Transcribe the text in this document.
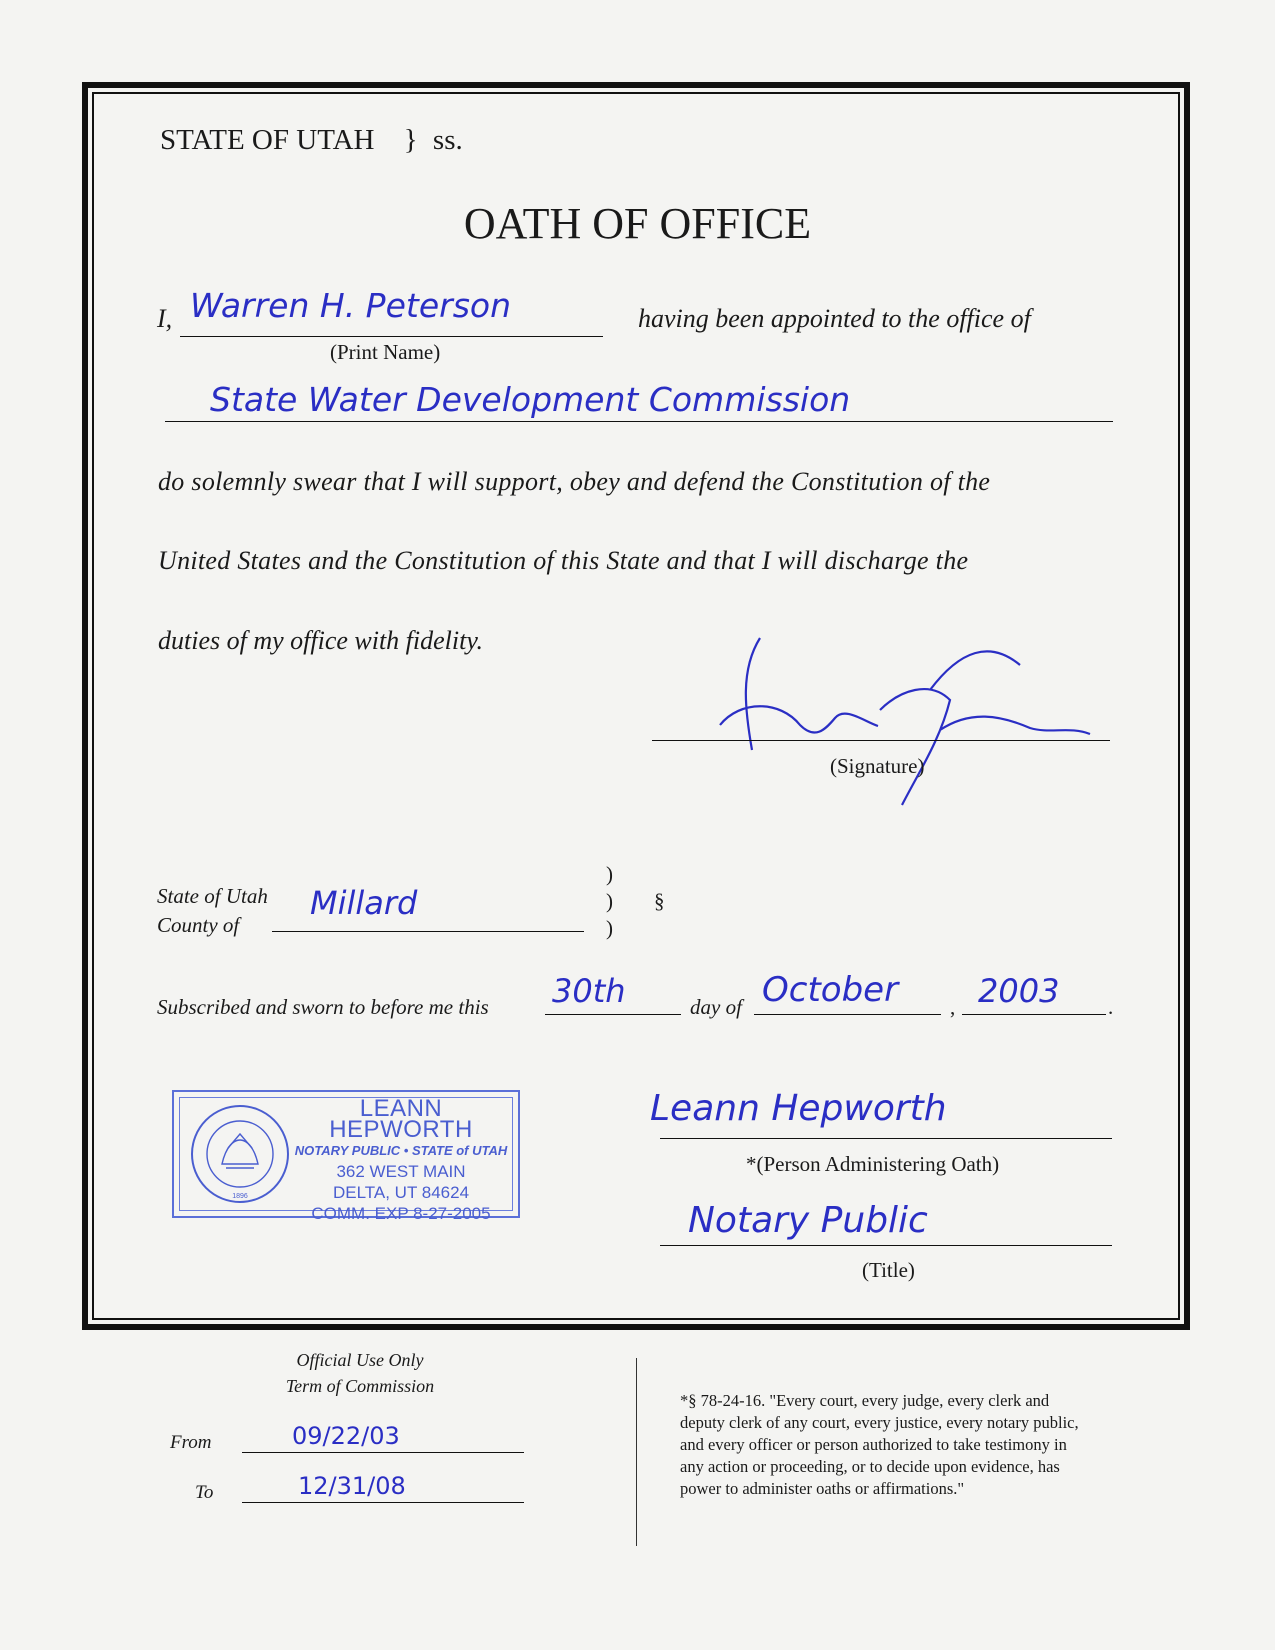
STATE OF UTAH } ss.
OATH OF OFFICE
I, Warren H. Peterson
(Print Name)
having been appointed to the office of
State Water Development Commission
do solemnly swear that I will support, obey and defend the Constitution of the
United States and the Constitution of this State and that I will discharge the
duties of my office with fidelity.
(Signature)
State of Utah
County of
Millard
)
)
)
§
Subscribed and sworn to before me this 30th	day of October , 2003 .
1896
LEANN HEPWORTH
NOTARY PUBLIC • STATE of UTAH
362 WEST MAIN
DELTA, UT 84624
COMM. EXP 8-27-2005
Leann Hepworth
*(Person Administering Oath)
Notary Public
(Title)
Official Use Only
Term of Commission
From	09/22/03
To	12/31/08
*§ 78-24-16. "Every court, every judge, every clerk and
deputy clerk of any court, every justice, every notary public,
and every officer or person authorized to take testimony in
any action or proceeding, or to decide upon evidence, has
power to administer oaths or affirmations."
